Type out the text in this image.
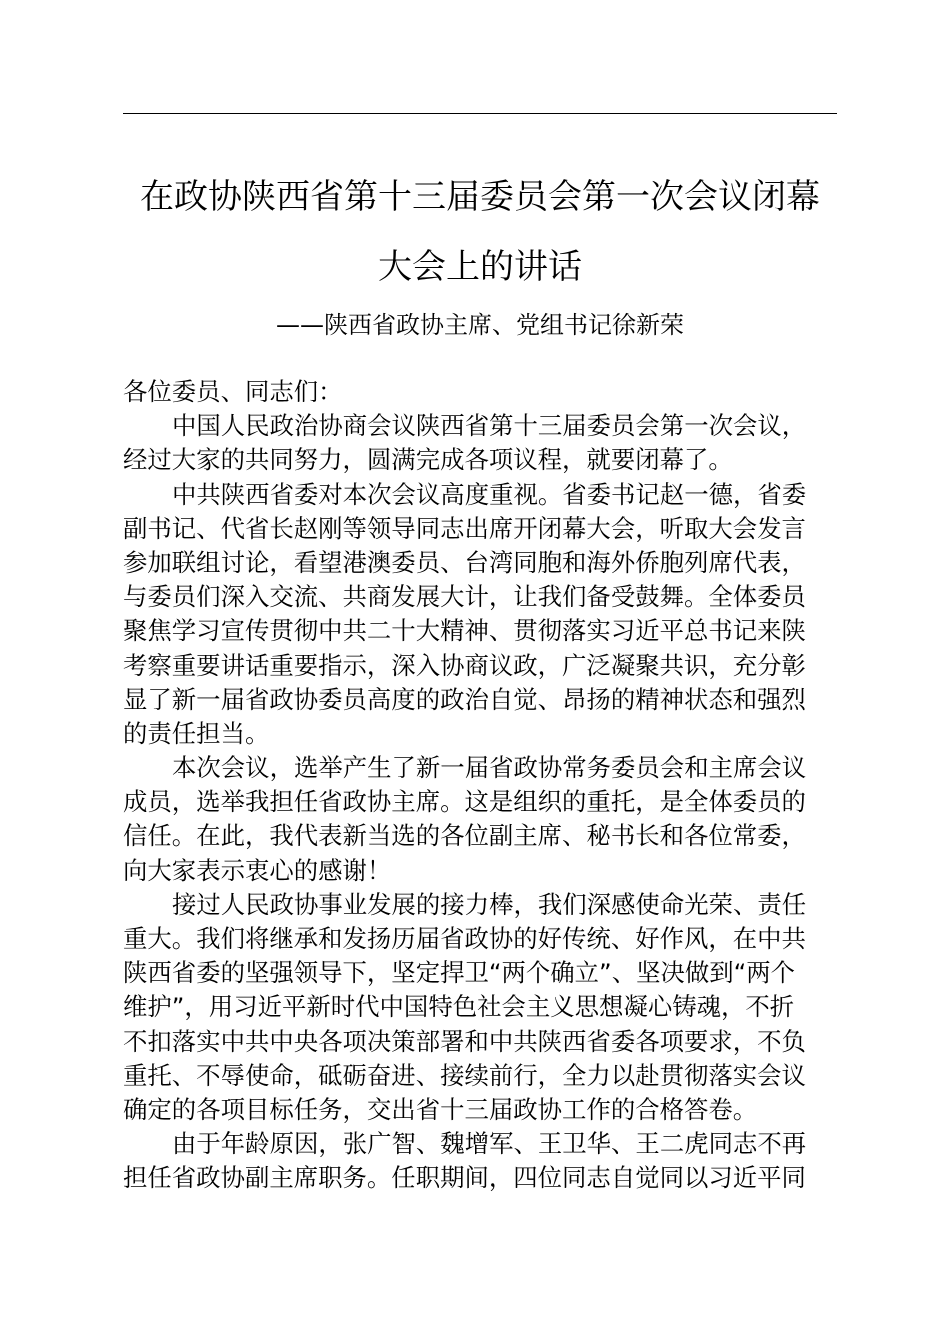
在政协陕西省第十三届委员会第一次会议闭幕
大会上的讲话

——陕西省政协主席、党组书记徐新荣

各位委员、同志们：
中国人民政治协商会议陕西省第十三届委员会第一次会议，
经过大家的共同努力，圆满完成各项议程，就要闭幕了。
中共陕西省委对本次会议高度重视。省委书记赵一德，省委
副书记、代省长赵刚等领导同志出席开闭幕大会，听取大会发言
参加联组讨论，看望港澳委员、台湾同胞和海外侨胞列席代表，
与委员们深入交流、共商发展大计，让我们备受鼓舞。全体委员
聚焦学习宣传贯彻中共二十大精神、贯彻落实习近平总书记来陕
考察重要讲话重要指示，深入协商议政，广泛凝聚共识，充分彰
显了新一届省政协委员高度的政治自觉、昂扬的精神状态和强烈
的责任担当。
本次会议，选举产生了新一届省政协常务委员会和主席会议
成员，选举我担任省政协主席。这是组织的重托，是全体委员的
信任。在此，我代表新当选的各位副主席、秘书长和各位常委，
向大家表示衷心的感谢！
接过人民政协事业发展的接力棒，我们深感使命光荣、责任
重大。我们将继承和发扬历届省政协的好传统、好作风，在中共
陕西省委的坚强领导下，坚定捍卫“两个确立”、坚决做到“两个
维护”，用习近平新时代中国特色社会主义思想凝心铸魂，不折
不扣落实中共中央各项决策部署和中共陕西省委各项要求，不负
重托、不辱使命，砥砺奋进、接续前行，全力以赴贯彻落实会议
确定的各项目标任务，交出省十三届政协工作的合格答卷。
由于年龄原因，张广智、魏增军、王卫华、王二虎同志不再
担任省政协副主席职务。任职期间，四位同志自觉同以习近平同
